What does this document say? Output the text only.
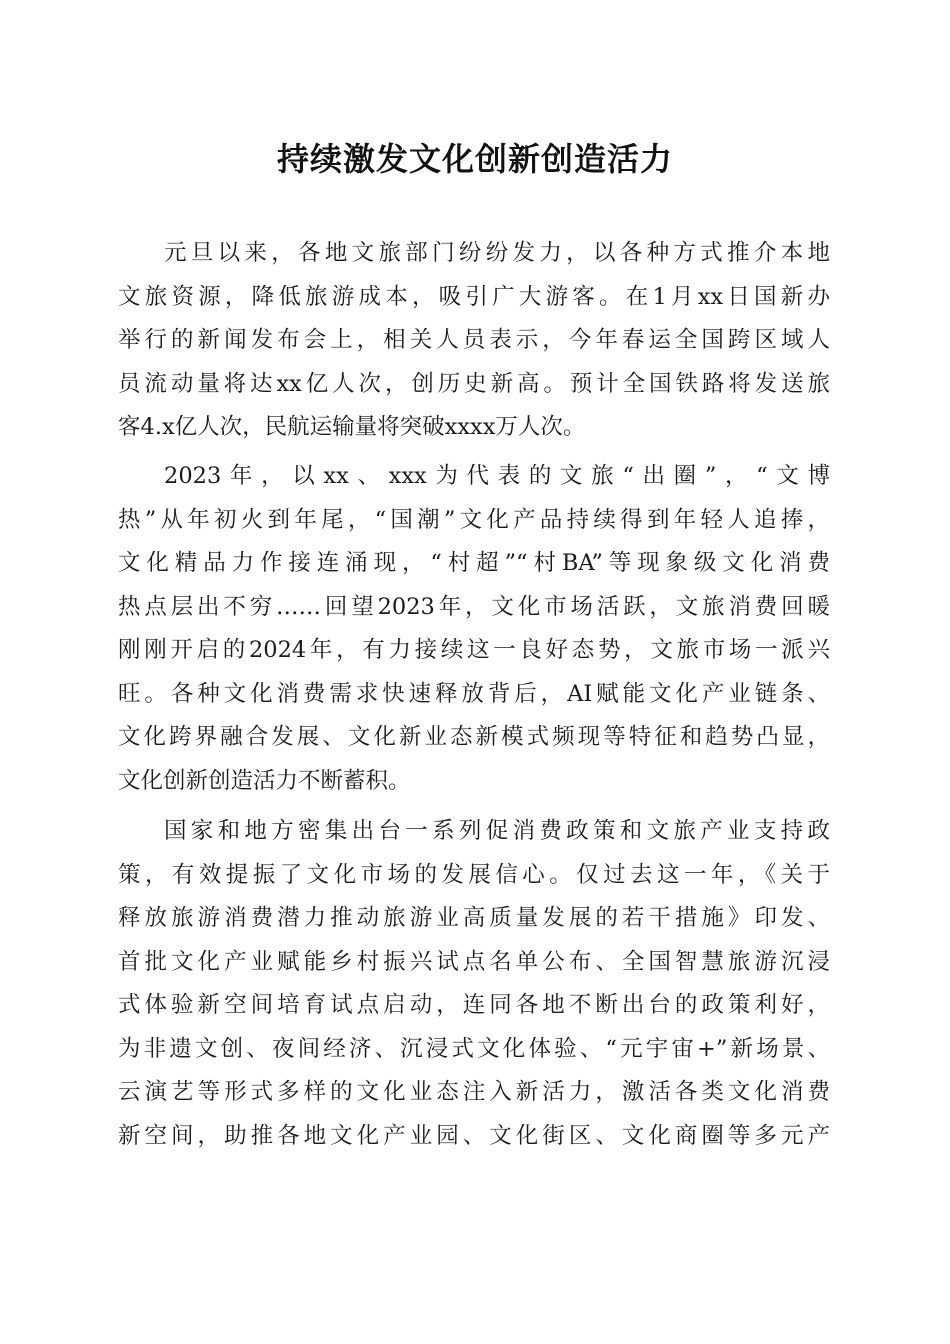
持续激发文化创新创造活力
元旦以来，各地文旅部门纷纷发力，以各种方式推介本地
文旅资源，降低旅游成本，吸引广大游客。在1月xx日国新办
举行的新闻发布会上，相关人员表示，今年春运全国跨区域人
员流动量将达xx亿人次，创历史新高。预计全国铁路将发送旅
客4.x亿人次，民航运输量将突破xxxx万人次。
2023年，以xx、xxx为代表的文旅“出圈”，“文博
热”从年初火到年尾，“国潮”文化产品持续得到年轻人追捧，
文化精品力作接连涌现，“村超”“村BA”等现象级文化消费
热点层出不穷……回望2023年，文化市场活跃，文旅消费回暖
刚刚开启的2024年，有力接续这一良好态势，文旅市场一派兴
旺。各种文化消费需求快速释放背后，AI赋能文化产业链条、
文化跨界融合发展、文化新业态新模式频现等特征和趋势凸显，
文化创新创造活力不断蓄积。
国家和地方密集出台一系列促消费政策和文旅产业支持政
策，有效提振了文化市场的发展信心。仅过去这一年，《关于
释放旅游消费潜力推动旅游业高质量发展的若干措施》印发、
首批文化产业赋能乡村振兴试点名单公布、全国智慧旅游沉浸
式体验新空间培育试点启动，连同各地不断出台的政策利好，
为非遗文创、夜间经济、沉浸式文化体验、“元宇宙+”新场景、
云演艺等形式多样的文化业态注入新活力，激活各类文化消费
新空间，助推各地文化产业园、文化街区、文化商圈等多元产
